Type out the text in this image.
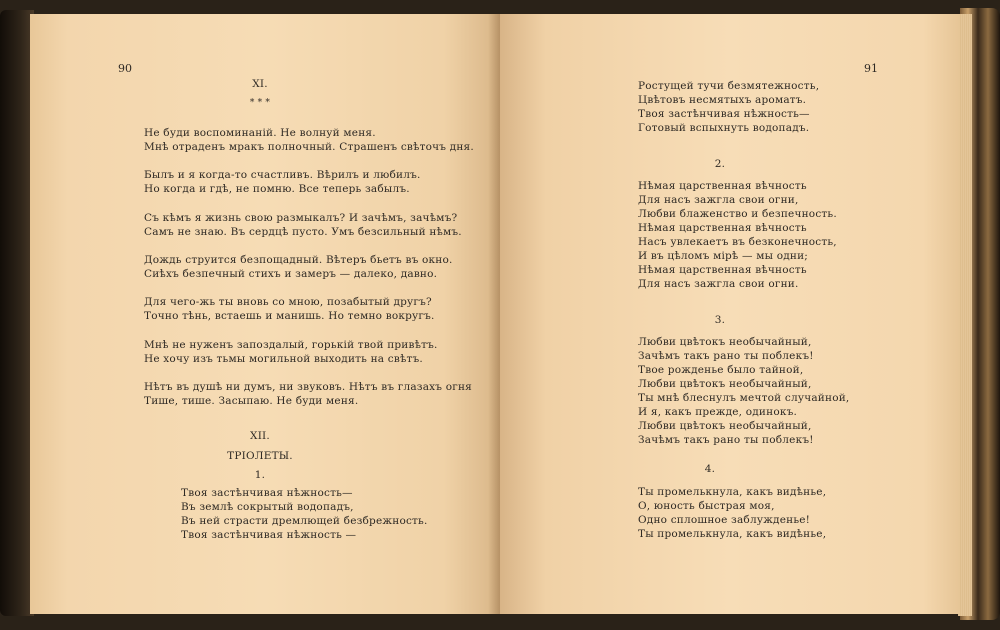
90
XI.
* * *
Не буди воспоминаній. Не волнуй меня.
Мнѣ отраденъ мракъ полночный. Страшенъ свѣточъ дня.
Былъ и я когда-то счастливъ. Вѣрилъ и любилъ.
Но когда и гдѣ, не помню. Все теперь забылъ.
Съ кѣмъ я жизнь свою размыкалъ? И зачѣмъ, зачѣмъ?
Самъ не знаю. Въ сердцѣ пусто. Умъ безсильный нѣмъ.
Дождь струится безпощадный. Вѣтеръ бьетъ въ окно.
Сиѣхъ безпечный стихъ и замеръ — далеко, давно.
Для чего-жь ты вновь со мною, позабытый другъ?
Точно тѣнь, встаешь и манишь. Но темно вокругъ.
Мнѣ не нуженъ запоздалый, горькій твой привѣтъ.
Не хочу изъ тьмы могильной выходить на свѣтъ.
Нѣтъ въ душѣ ни думъ, ни звуковъ. Нѣтъ въ глазахъ огня
Тише, тише. Засыпаю. Не буди меня.
XII.
ТРІОЛЕТЫ.
1.
Твоя застѣнчивая нѣжность—
Въ землѣ сокрытый водопадъ,
Въ ней страсти дремлющей безбрежность.
Твоя застѣнчивая нѣжность —
91
Ростущей тучи безмятежность,
Цвѣтовъ несмятыхъ ароматъ.
Твоя застѣнчивая нѣжность—
Готовый вспыхнуть водопадъ.
2.
Нѣмая царственная вѣчность
Для насъ зажгла свои огни,
Любви блаженство и безпечность.
Нѣмая царственная вѣчность
Насъ увлекаетъ въ безконечность,
И въ цѣломъ мірѣ — мы одни;
Нѣмая царственная вѣчность
Для насъ зажгла свои огни.
3.
Любви цвѣтокъ необычайный,
Зачѣмъ такъ рано ты поблекъ!
Твое рожденье было тайной,
Любви цвѣтокъ необычайный,
Ты мнѣ блеснулъ мечтой случайной,
И я, какъ прежде, одинокъ.
Любви цвѣтокъ необычайный,
Зачѣмъ такъ рано ты поблекъ!
4.
Ты промелькнула, какъ видѣнье,
О, юность быстрая моя,
Одно сплошное заблужденье!
Ты промелькнула, какъ видѣнье,
